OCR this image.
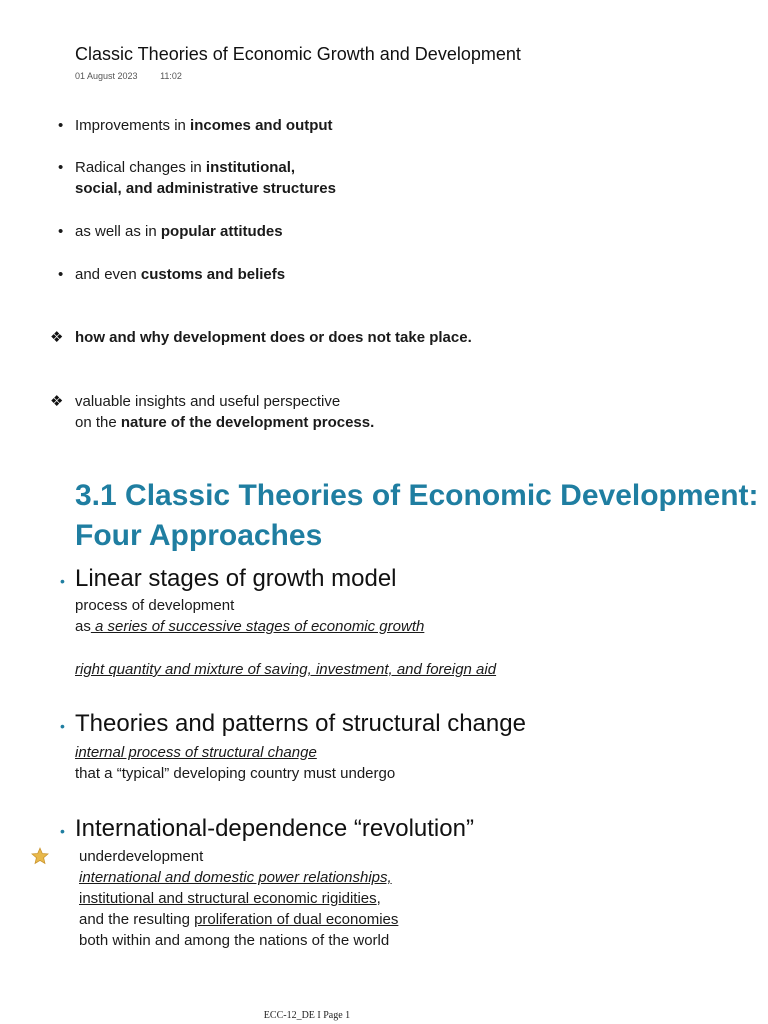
Classic Theories of Economic Growth and Development
01 August 2023	11:02
• Improvements in incomes and output
• Radical changes in institutional,
social, and administrative structures
• as well as in popular attitudes
• and even customs and beliefs
❖ how and why development does or does not take place.
❖ valuable insights and useful perspective
on the nature of the development process.
3.1 Classic Theories of Economic Development:
Four Approaches
• Linear stages of growth model
process of development
as a series of successive stages of economic growth
right quantity and mixture of saving, investment, and foreign aid
• Theories and patterns of structural change
internal process of structural change
that a “typical” developing country must undergo
• International-dependence “revolution”
underdevelopment
international and domestic power relationships,
institutional and structural economic rigidities,
and the resulting proliferation of dual economies
both within and among the nations of the world
ECC-12_DE I Page 1
